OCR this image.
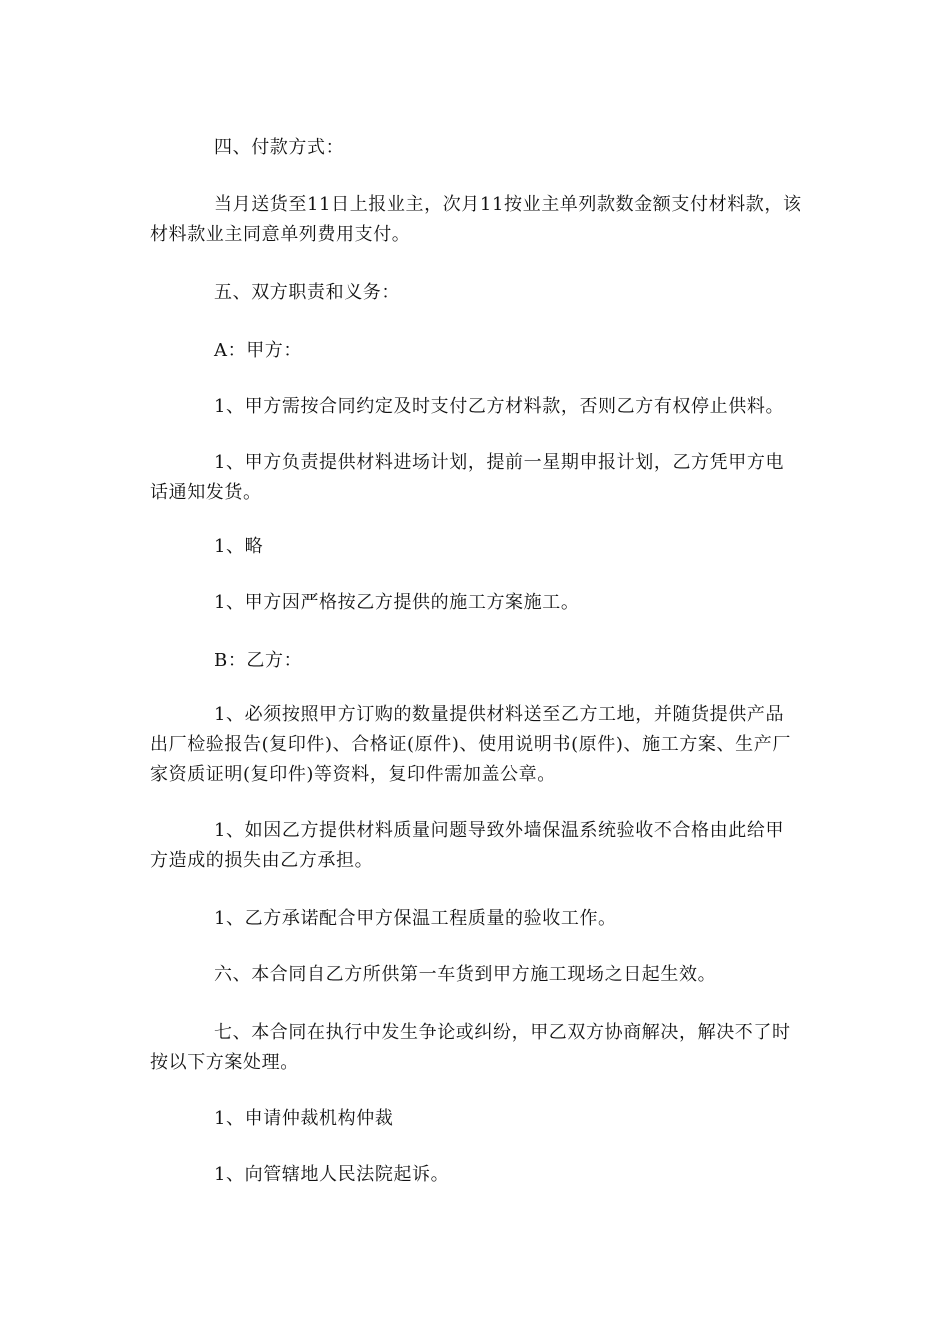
四、付款方式：

当月送货至11日上报业主，次月11按业主单列款数金额支付材料款，该材料款业主同意单列费用支付。

五、双方职责和义务：

A：甲方：

1、甲方需按合同约定及时支付乙方材料款，否则乙方有权停止供料。

1、甲方负责提供材料进场计划，提前一星期申报计划，乙方凭甲方电话通知发货。

1、略

1、甲方因严格按乙方提供的施工方案施工。

B：乙方：

1、必须按照甲方订购的数量提供材料送至乙方工地，并随货提供产品出厂检验报告(复印件)、合格证(原件)、使用说明书(原件)、施工方案、生产厂家资质证明(复印件)等资料，复印件需加盖公章。

1、如因乙方提供材料质量问题导致外墙保温系统验收不合格由此给甲方造成的损失由乙方承担。

1、乙方承诺配合甲方保温工程质量的验收工作。

六、本合同自乙方所供第一车货到甲方施工现场之日起生效。

七、本合同在执行中发生争论或纠纷，甲乙双方协商解决，解决不了时按以下方案处理。

1、申请仲裁机构仲裁

1、向管辖地人民法院起诉。
